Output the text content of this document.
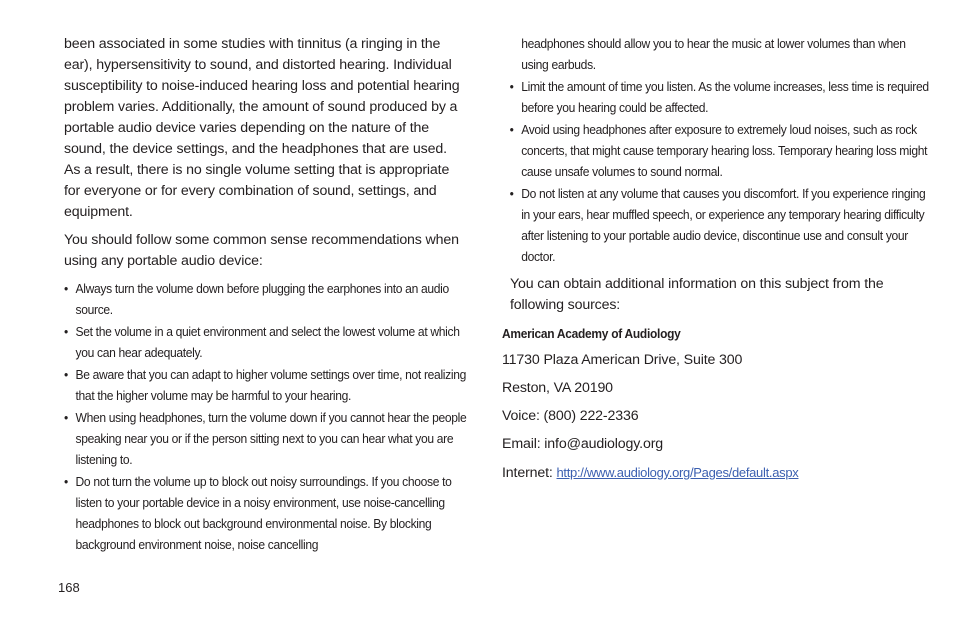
been associated in some studies with tinnitus (a ringing in the ear), hypersensitivity to sound, and distorted hearing. Individual susceptibility to noise-induced hearing loss and potential hearing problem varies. Additionally, the amount of sound produced by a portable audio device varies depending on the nature of the sound, the device settings, and the headphones that are used. As a result, there is no single volume setting that is appropriate for everyone or for every combination of sound, settings, and equipment.

You should follow some common sense recommendations when using any portable audio device:

• Always turn the volume down before plugging the earphones into an audio source.
• Set the volume in a quiet environment and select the lowest volume at which you can hear adequately.
• Be aware that you can adapt to higher volume settings over time, not realizing that the higher volume may be harmful to your hearing.
• When using headphones, turn the volume down if you cannot hear the people speaking near you or if the person sitting next to you can hear what you are listening to.
• Do not turn the volume up to block out noisy surroundings. If you choose to listen to your portable device in a noisy environment, use noise-cancelling headphones to block out background environmental noise. By blocking background environment noise, noise cancelling

headphones should allow you to hear the music at lower volumes than when using earbuds.

• Limit the amount of time you listen. As the volume increases, less time is required before you hearing could be affected.
• Avoid using headphones after exposure to extremely loud noises, such as rock concerts, that might cause temporary hearing loss. Temporary hearing loss might cause unsafe volumes to sound normal.
• Do not listen at any volume that causes you discomfort. If you experience ringing in your ears, hear muffled speech, or experience any temporary hearing difficulty after listening to your portable audio device, discontinue use and consult your doctor.

You can obtain additional information on this subject from the following sources:

American Academy of Audiology

11730 Plaza American Drive, Suite 300

Reston, VA 20190

Voice: (800) 222-2336

Email: info@audiology.org

Internet: http://www.audiology.org/Pages/default.aspx

168
